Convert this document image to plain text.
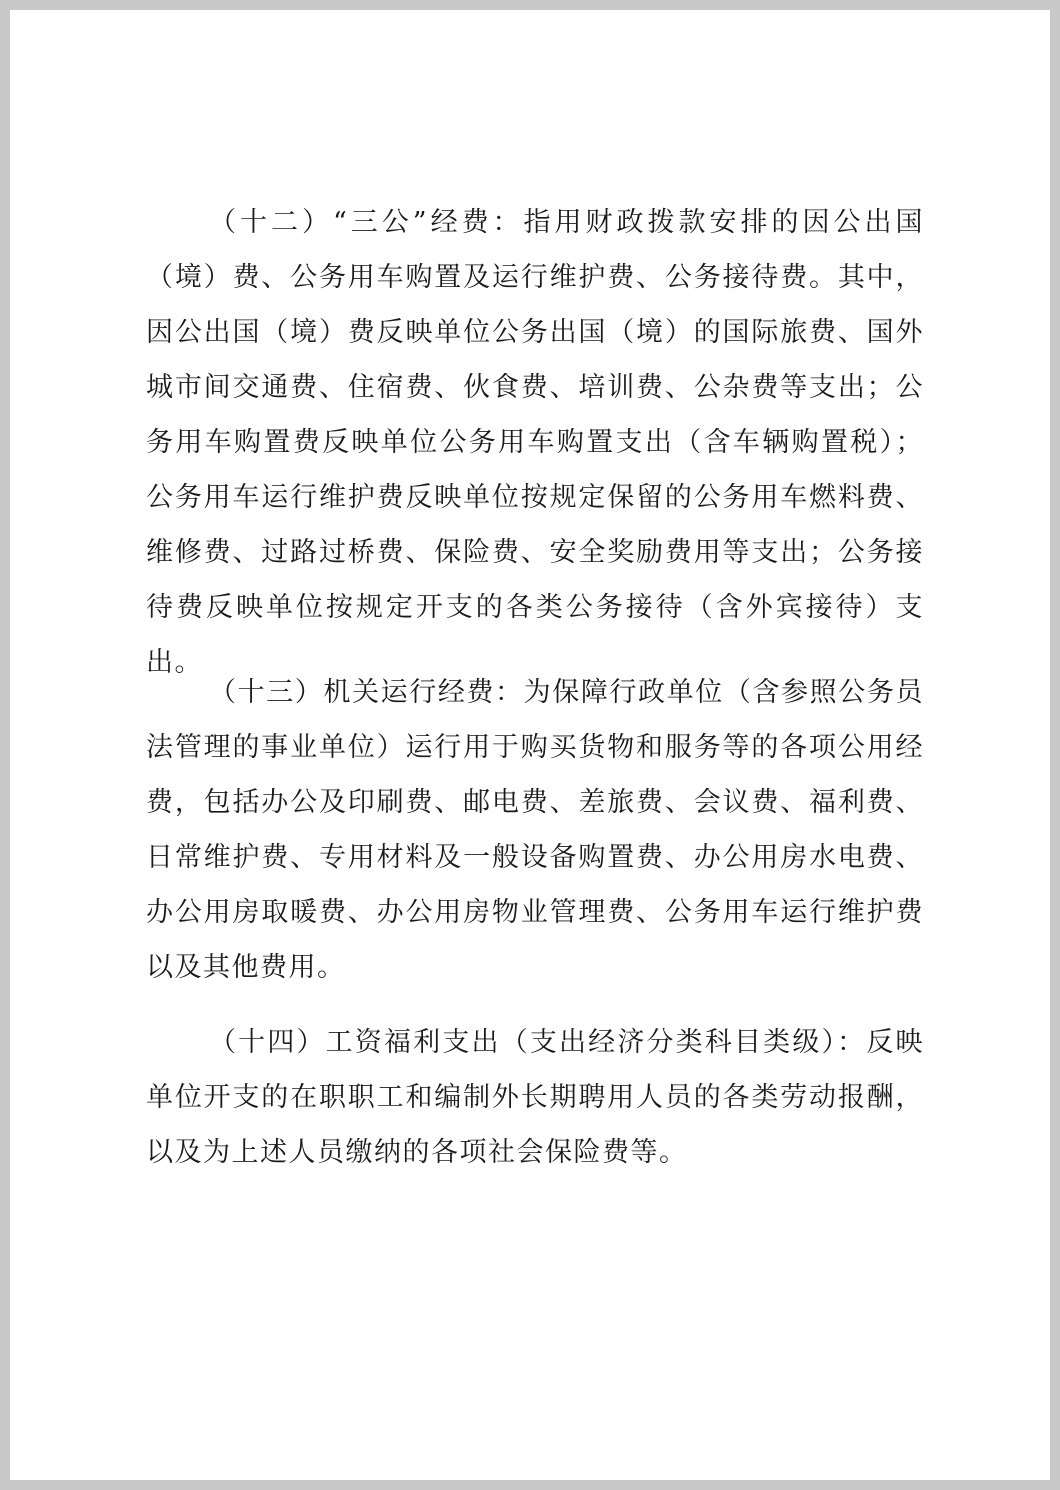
（十二）“三公”经费：指用财政拨款安排的因公出国（境）费、公务用车购置及运行维护费、公务接待费。其中，因公出国（境）费反映单位公务出国（境）的国际旅费、国外城市间交通费、住宿费、伙食费、培训费、公杂费等支出；公务用车购置费反映单位公务用车购置支出（含车辆购置税）；公务用车运行维护费反映单位按规定保留的公务用车燃料费、维修费、过路过桥费、保险费、安全奖励费用等支出；公务接待费反映单位按规定开支的各类公务接待（含外宾接待）支出。

（十三）机关运行经费：为保障行政单位（含参照公务员法管理的事业单位）运行用于购买货物和服务等的各项公用经费，包括办公及印刷费、邮电费、差旅费、会议费、福利费、日常维护费、专用材料及一般设备购置费、办公用房水电费、办公用房取暖费、办公用房物业管理费、公务用车运行维护费以及其他费用。

（十四）工资福利支出（支出经济分类科目类级）：反映单位开支的在职职工和编制外长期聘用人员的各类劳动报酬，以及为上述人员缴纳的各项社会保险费等。
